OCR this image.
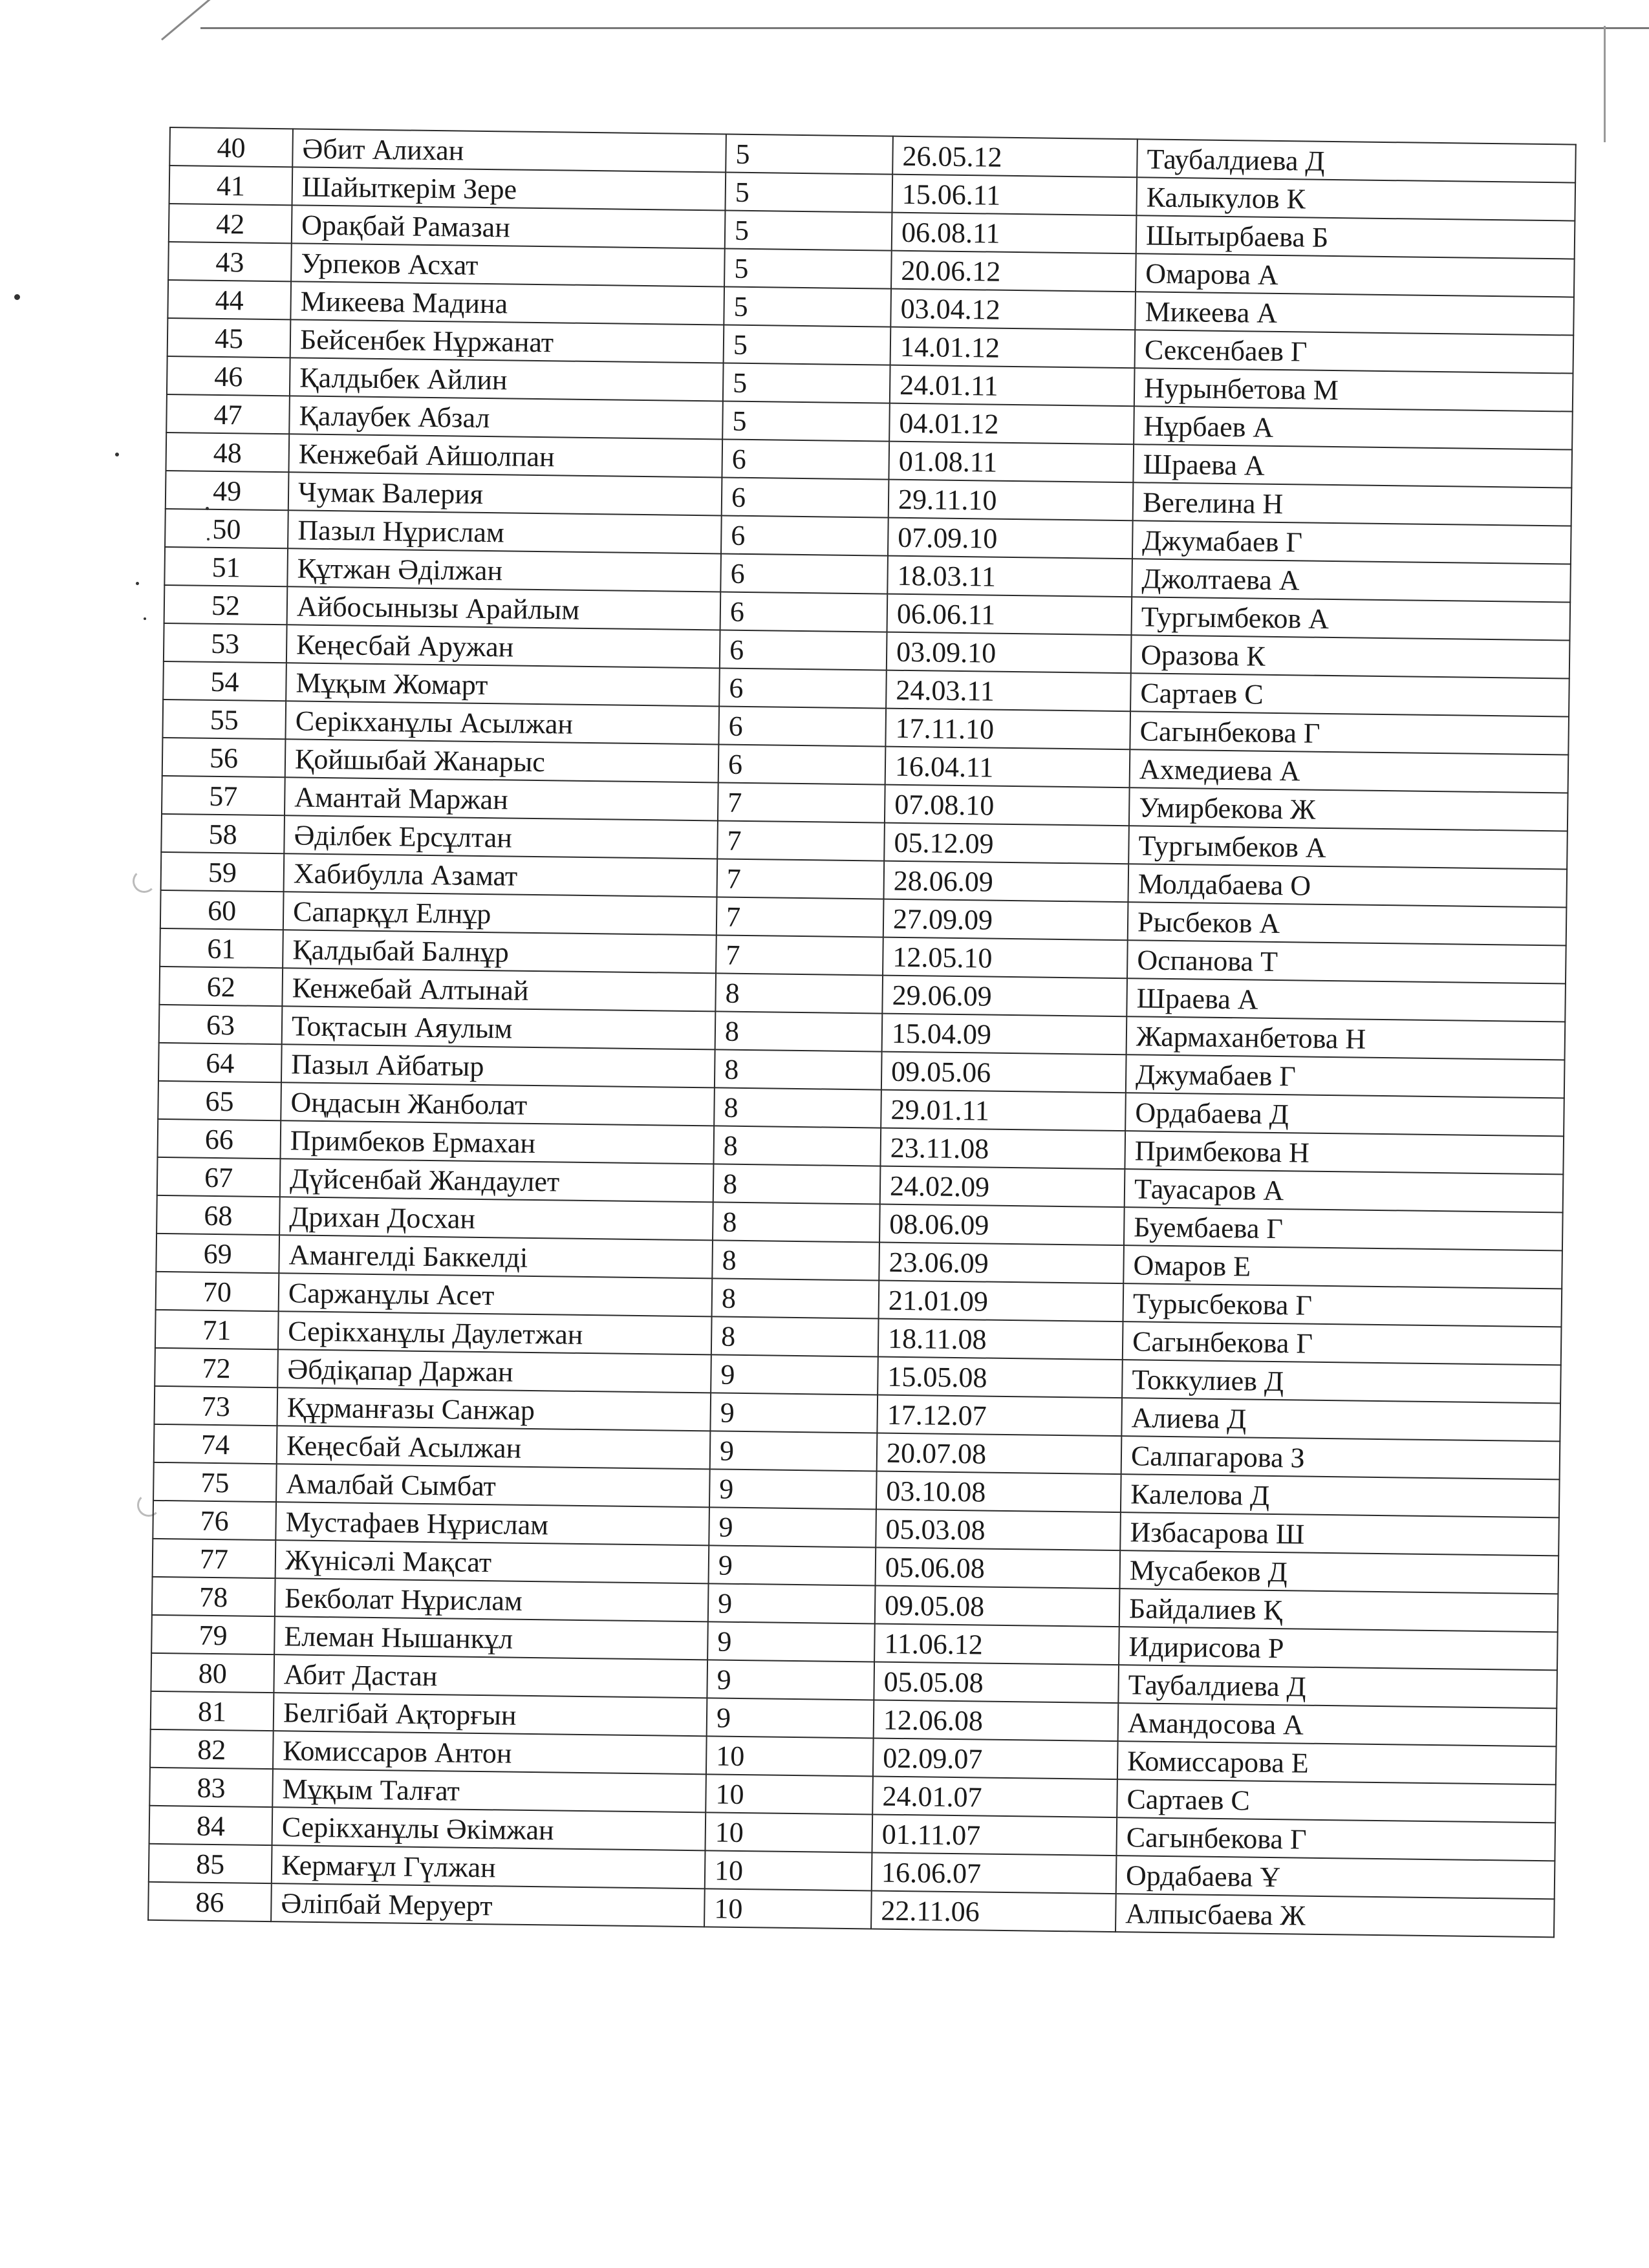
40	Әбит Алихан	5	26.05.12	Таубалдиева Д
41	Шайыткерім Зере	5	15.06.11	Калыкулов К
42	Орақбай Рамазан	5	06.08.11	Шытырбаева Б
43	Урпеков Асхат	5	20.06.12	Омарова А
44	Микеева Мадина	5	03.04.12	Микеева А
45	Бейсенбек Нұржанат	5	14.01.12	Сексенбаев Г
46	Қалдыбек Айлин	5	24.01.11	Нурынбетова М
47	Қалаубек Абзал	5	04.01.12	Нұрбаев А
48	Кенжебай Айшолпан	6	01.08.11	Шраева А
49	Чумак Валерия	6	29.11.10	Вегелина Н
50	Пазыл Нұрислам	6	07.09.10	Джумабаев Г
51	Құтжан Әділжан	6	18.03.11	Джолтаева А
52	Айбосынызы Арайлым	6	06.06.11	Тургымбеков А
53	Кеңесбай Аружан	6	03.09.10	Оразова К
54	Мұқым Жомарт	6	24.03.11	Сартаев С
55	Серікханұлы Асылжан	6	17.11.10	Сагынбекова Г
56	Қойшыбай Жанарыс	6	16.04.11	Ахмедиева А
57	Амантай Маржан	7	07.08.10	Умирбекова Ж
58	Әділбек Ерсұлтан	7	05.12.09	Тургымбеков А
59	Хабибулла Азамат	7	28.06.09	Молдабаева О
60	Сапарқұл Елнұр	7	27.09.09	Рысбеков А
61	Қалдыбай Балнұр	7	12.05.10	Оспанова Т
62	Кенжебай Алтынай	8	29.06.09	Шраева А
63	Тоқтасын Аяулым	8	15.04.09	Жармаханбетова Н
64	Пазыл Айбатыр	8	09.05.06	Джумабаев Г
65	Оңдасын Жанболат	8	29.01.11	Ордабаева Д
66	Примбеков Ермахан	8	23.11.08	Примбекова Н
67	Дүйсенбай Жандаулет	8	24.02.09	Тауасаров А
68	Дрихан Досхан	8	08.06.09	Буембаева Г
69	Амангелді Баккелді	8	23.06.09	Омаров Е
70	Саржанұлы Асет	8	21.01.09	Турысбекова Г
71	Серікханұлы Даулетжан	8	18.11.08	Сагынбекова Г
72	Әбдіқапар Даржан	9	15.05.08	Токкулиев Д
73	Құрманғазы Санжар	9	17.12.07	Алиева Д
74	Кеңесбай Асылжан	9	20.07.08	Салпагарова З
75	Амалбай Сымбат	9	03.10.08	Калелова Д
76	Мустафаев Нұрислам	9	05.03.08	Избасарова Ш
77	Жүнісәлі Мақсат	9	05.06.08	Мусабеков Д
78	Бекболат Нұрислам	9	09.05.08	Байдалиев Қ
79	Елеман Нышанкұл	9	11.06.12	Идирисова Р
80	Абит Дастан	9	05.05.08	Таубалдиева Д
81	Белгібай Ақторғын	9	12.06.08	Амандосова А
82	Комиссаров Антон	10	02.09.07	Комиссарова Е
83	Мұқым Талғат	10	24.01.07	Сартаев С
84	Серікханұлы Әкімжан	10	01.11.07	Сагынбекова Г
85	Кермағұл Гүлжан	10	16.06.07	Ордабаева Ұ
86	Әліпбай Меруерт	10	22.11.06	Алпысбаева Ж
